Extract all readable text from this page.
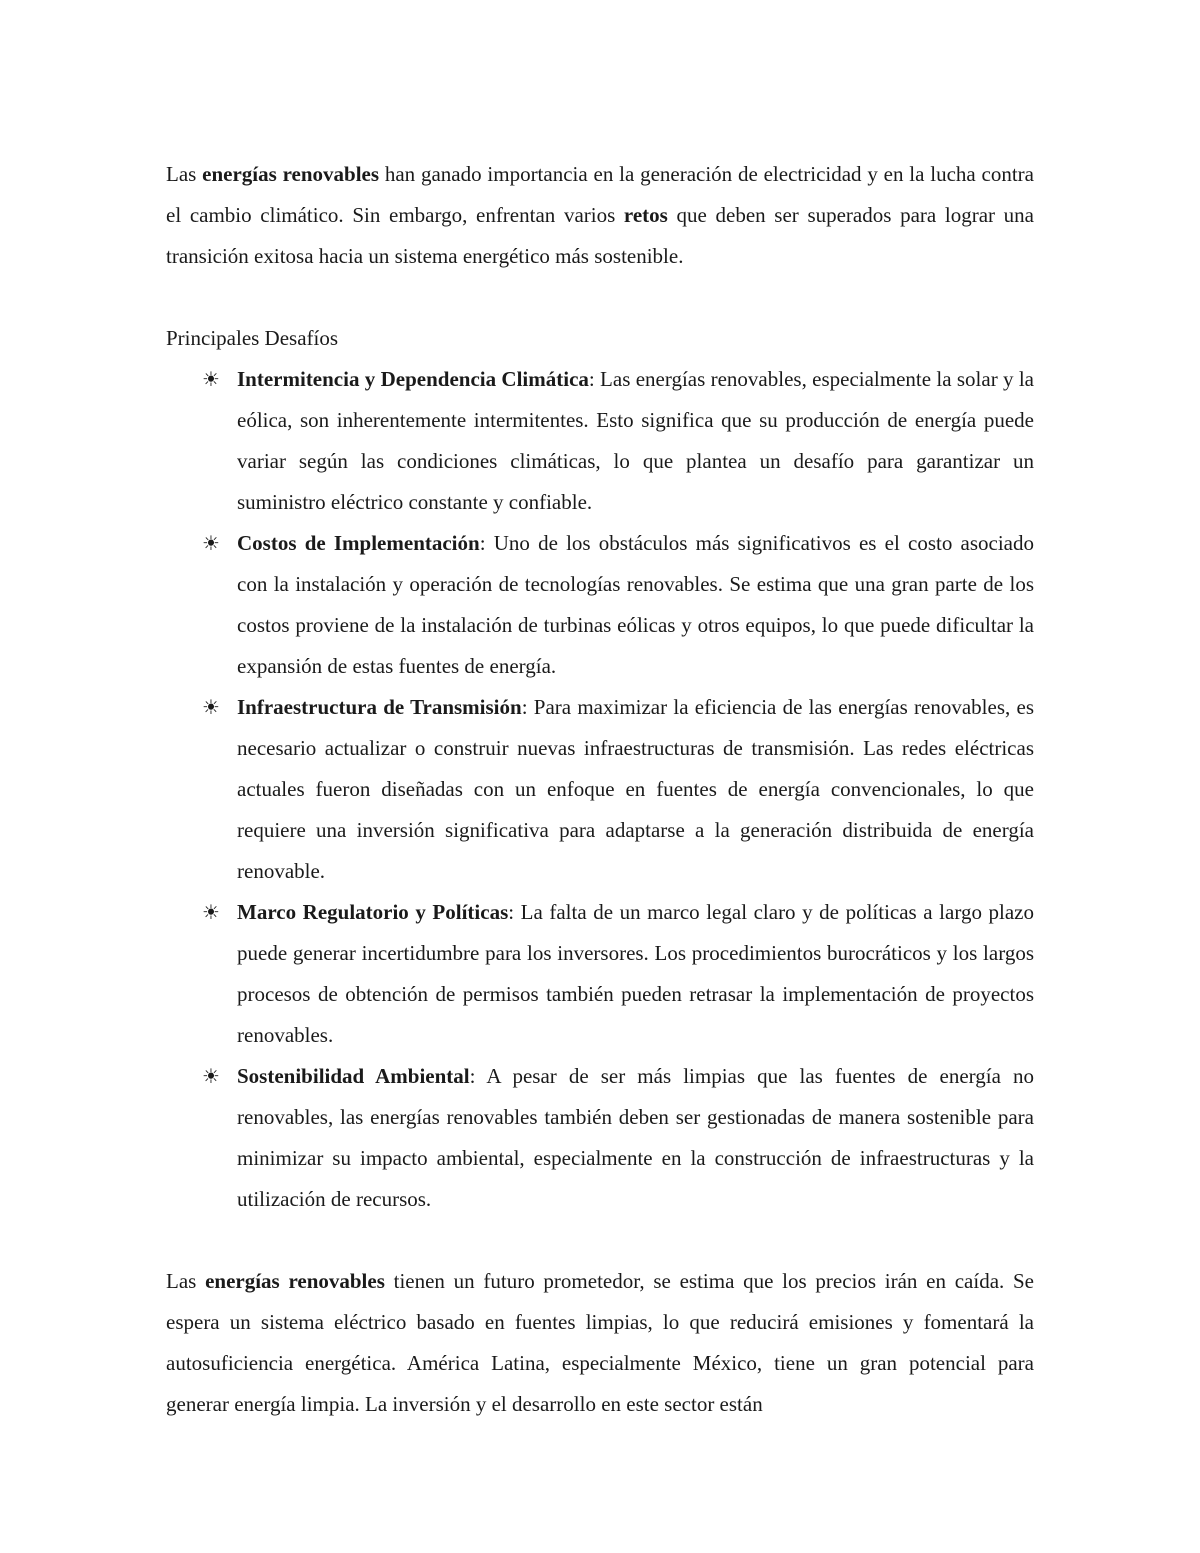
Las energías renovables han ganado importancia en la generación de electricidad y en la lucha contra el cambio climático. Sin embargo, enfrentan varios retos que deben ser superados para lograr una transición exitosa hacia un sistema energético más sostenible.

Principales Desafíos

☀ Intermitencia y Dependencia Climática: Las energías renovables, especialmente la solar y la eólica, son inherentemente intermitentes. Esto significa que su producción de energía puede variar según las condiciones climáticas, lo que plantea un desafío para garantizar un suministro eléctrico constante y confiable.
☀ Costos de Implementación: Uno de los obstáculos más significativos es el costo asociado con la instalación y operación de tecnologías renovables. Se estima que una gran parte de los costos proviene de la instalación de turbinas eólicas y otros equipos, lo que puede dificultar la expansión de estas fuentes de energía.
☀ Infraestructura de Transmisión: Para maximizar la eficiencia de las energías renovables, es necesario actualizar o construir nuevas infraestructuras de transmisión. Las redes eléctricas actuales fueron diseñadas con un enfoque en fuentes de energía convencionales, lo que requiere una inversión significativa para adaptarse a la generación distribuida de energía renovable.
☀ Marco Regulatorio y Políticas: La falta de un marco legal claro y de políticas a largo plazo puede generar incertidumbre para los inversores. Los procedimientos burocráticos y los largos procesos de obtención de permisos también pueden retrasar la implementación de proyectos renovables.
☀ Sostenibilidad Ambiental: A pesar de ser más limpias que las fuentes de energía no renovables, las energías renovables también deben ser gestionadas de manera sostenible para minimizar su impacto ambiental, especialmente en la construcción de infraestructuras y la utilización de recursos.

Las energías renovables tienen un futuro prometedor, se estima que los precios irán en caída. Se espera un sistema eléctrico basado en fuentes limpias, lo que reducirá emisiones y fomentará la autosuficiencia energética. América Latina, especialmente México, tiene un gran potencial para generar energía limpia. La inversión y el desarrollo en este sector están
